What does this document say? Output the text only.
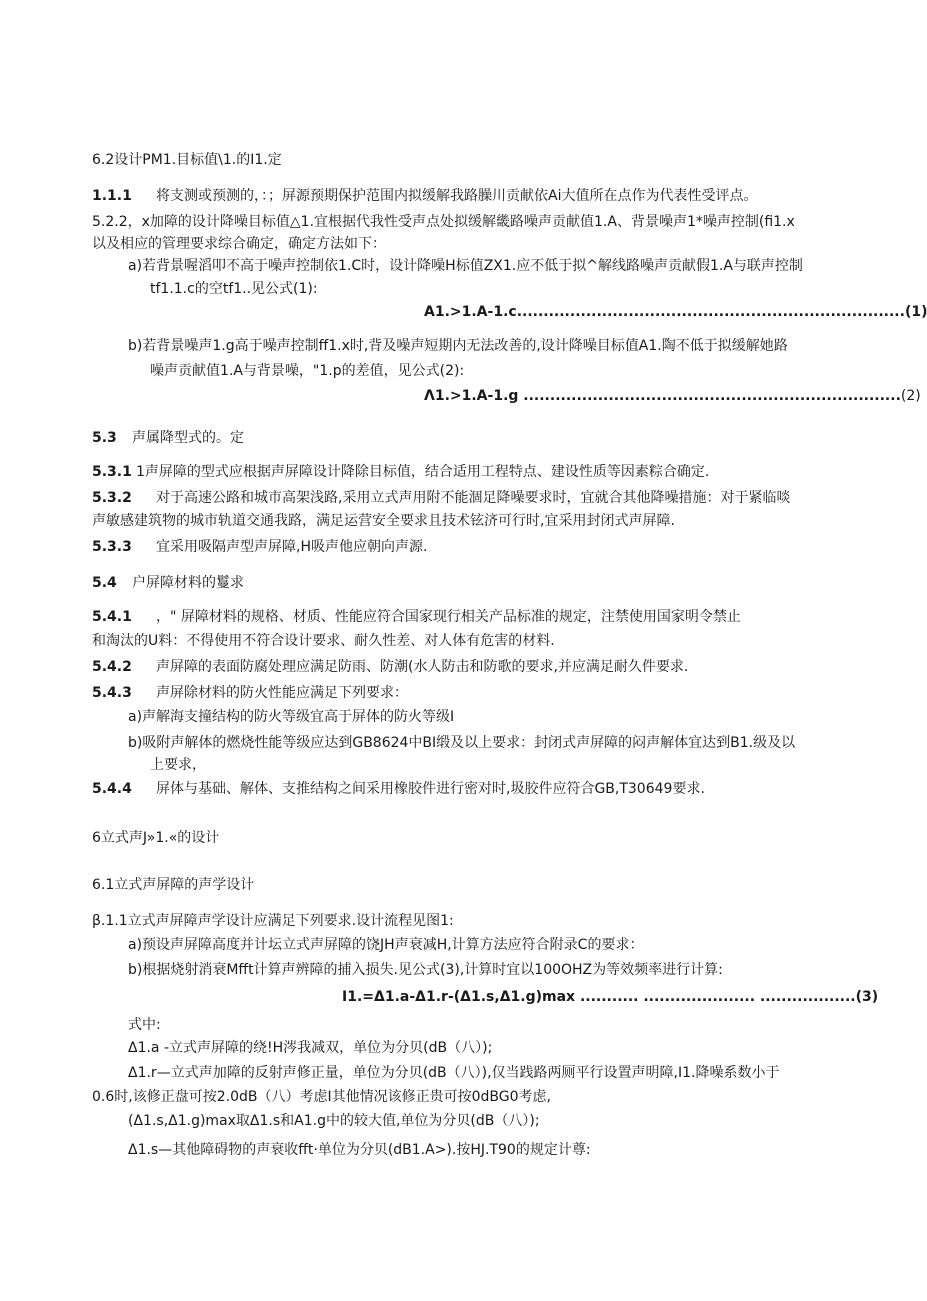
6.2设计PM1.目标值\1.的I1.定
1.1.1 将支测或预测的，：；屏源预期保护范围内拟缓解我路臊川贡献依Ai大值所在点作为代表性受评点。
5.2.2，x加障的设计降噪目标值△1.宜根据代我性受声点处拟缓解畿路噪声贡献值1.A、背景噪声1*噪声控制(fi1.x
以及相应的管理要求综合确定，确定方法如下：
a)若背景喔滔叩不高于噪声控制依1.C时，设计降噪H标值ZX1.应不低于拟^解线路噪声贡献假1.A与联声控制
tf1.1.c的空tf1..见公式(1):
A1.>1.A-1.c.........................................................................(1)
b)若背景噪声1.g高于噪声控制ff1.x时,背及噪声短期内无法改善的,设计降噪目标值A1.陶不低于拟缓解她路
噪声贡献值1.A与背景噪，"1.p的差值，见公式(2):
Λ1.>1.A-1.g .......................................................................(2)
5.3 声属降型式的。定
5.3.1 1声屏障的型式应根据声屏障设计降除目标值，结合适用工程特点、建设性质等因素粽合确定.
5.3.2 对于高速公路和城市高架浅路,采用立式声用附不能涸足降噪要求时，宜就合其他降噪措施：对于紧临啖
声敏感建筑物的城市轨道交通我路，满足运营安全要求且技术铉济可行时,宜采用封闭式声屏障.
5.3.3 宜采用吸隔声型声屏障,H吸声他应朝向声源.
5.4 户屏障材料的鬘求
5.4.1 ，" 屏障材料的规格、材质、性能应符合国家现行相关产品标准的规定，注禁使用国家明令禁止
和淘汰的U料：不得使用不符合设计要求、耐久性差、对人体有危害的材料.
5.4.2 声屏障的表面防腐处理应满足防雨、防潮(水人防击和防歌的要求,并应满足耐久件要求.
5.4.3 声屏除材料的防火性能应满足下列要求：
a)声解海支撞结构的防火等级宜高于屏体的防火等级I
b)吸附声解体的燃烧性能等级应达到GB8624中BI缎及以上要求：封闭式声屏障的闷声解体宜达到B1.级及以
上要求，
5.4.4 屏体与基础、解体、支推结构之间采用橡胶件进行密对时,圾胶件应符合GB,T30649要求.
6立式声J»1.«的设计
6.1立式声屏障的声学设计
β.1.1立式声屏障声学设计应满足下列要求.设计流程见图1:
a)预设声屏障高度并计坛立式声屏障的饶JH声衰减H,计算方法应符合附录C的要求：
b)根据烧射消衰Mfft计算声辨障的捕入损失.见公式(3),计算时宜以100OHZ为等效频率进行计算:
I1.=Δ1.a-Δ1.r-(Δ1.s,Δ1.g)max ........... ..................... ..................(3)
式中:
Δ1.a -立式声屏障的绕!H涔我减双，单位为分贝(dB（八）);
Δ1.r—立式声加障的反射声修正量，单位为分贝(dB（八）),仅当践路两厕平行设置声明障,I1.降噪系数小于
0.6时,该修正盘可按2.0dB（八）考虑I其他情况该修正贵可按0dBG0考虑,
(Δ1.s,Δ1.g)max取Δ1.s和A1.g中的较大值,单位为分贝(dB（八）);
Δ1.s—其他障碍物的声衰收fft·单位为分贝(dB1.A>).按HJ.T90的规定计尊:
